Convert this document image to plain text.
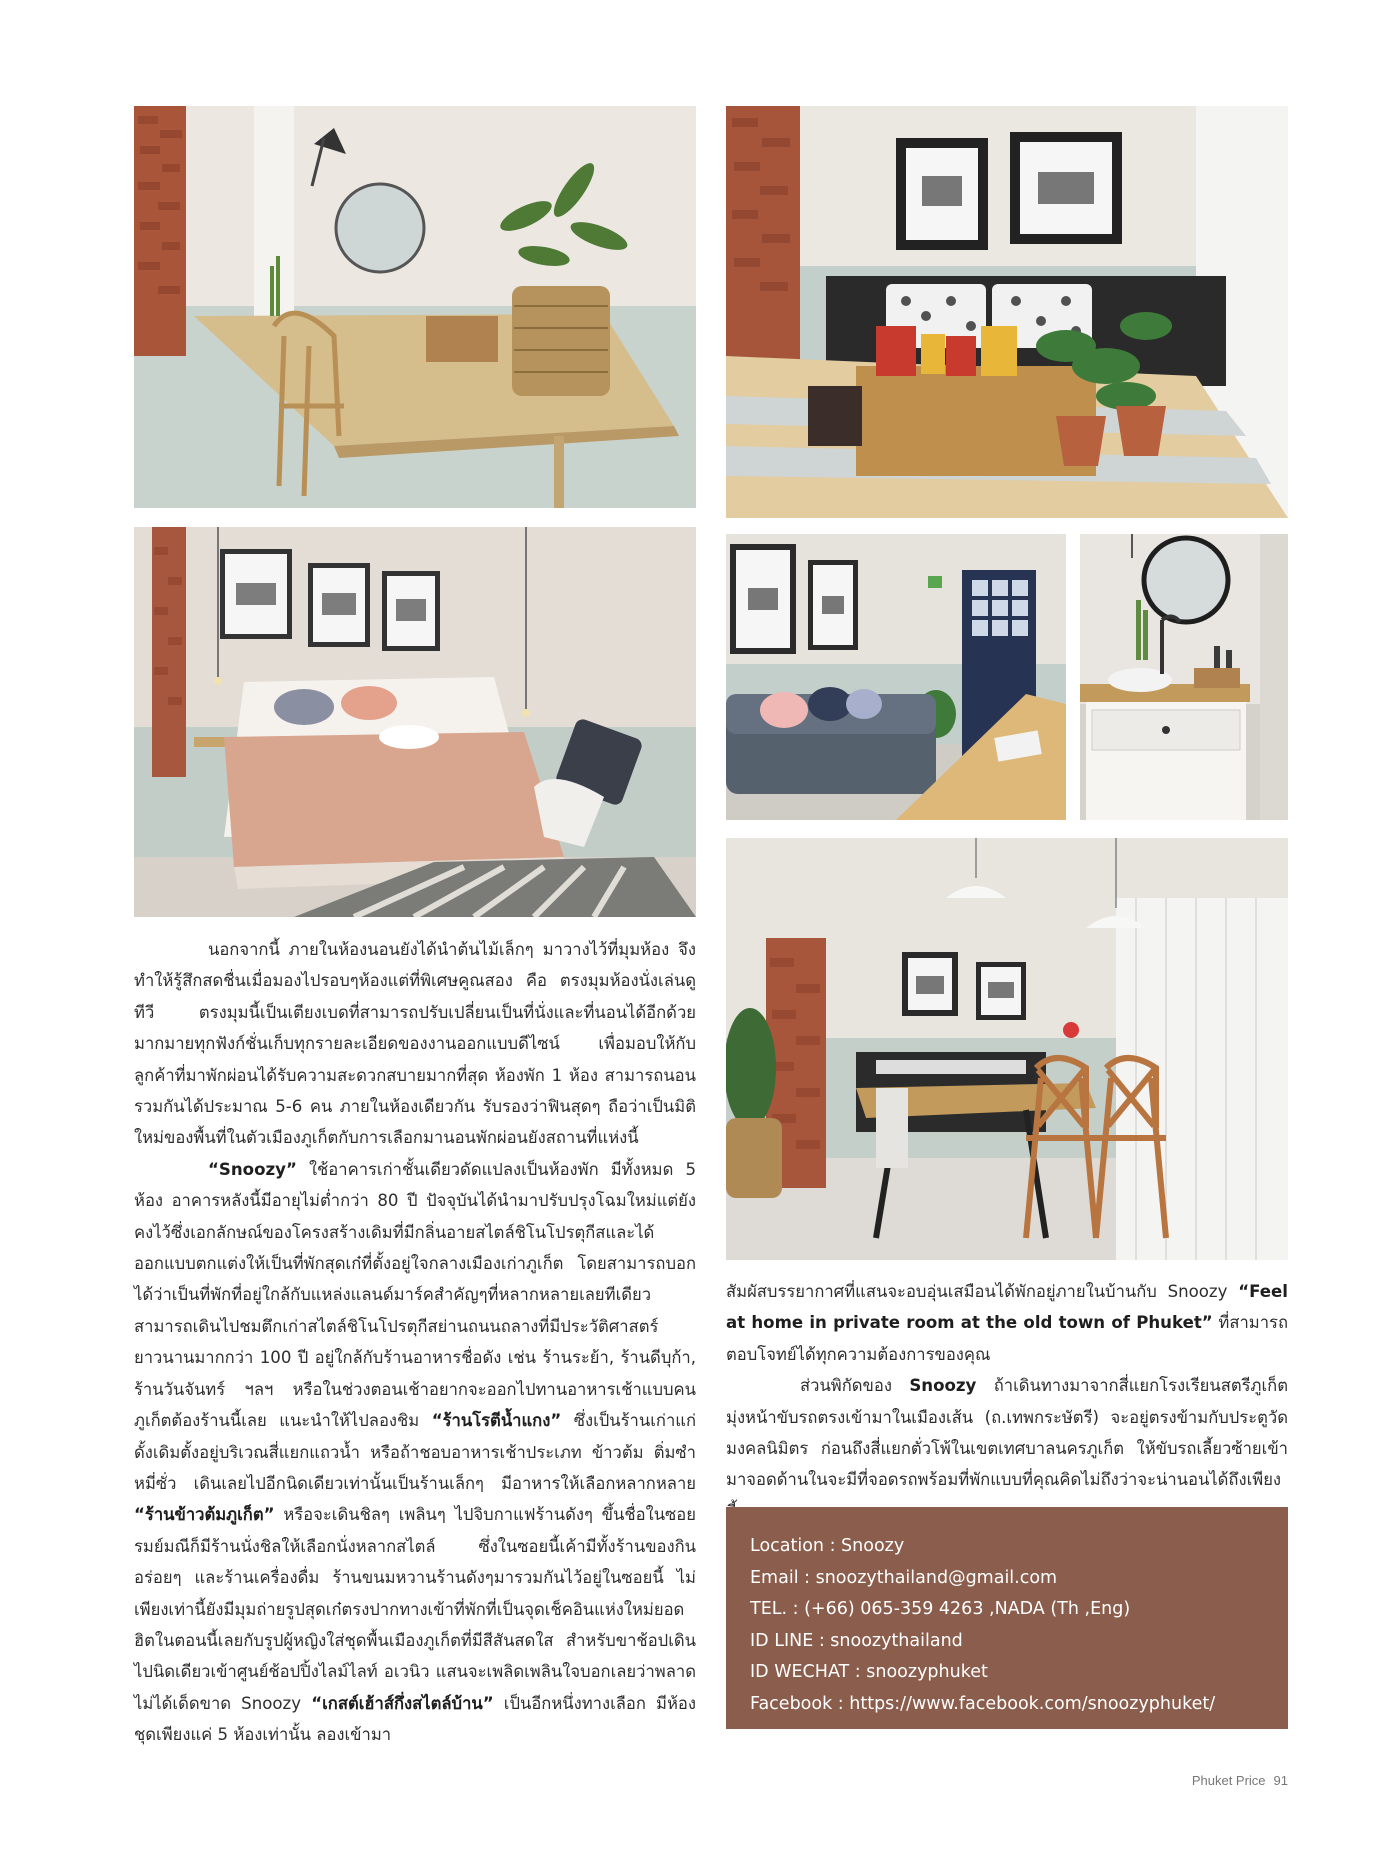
นอกจากนี้ ภายในห้องนอนยังได้นำต้นไม้เล็กๆ มาวางไว้ที่มุมห้อง จึงทำให้รู้สึกสดชื่นเมื่อมองไปรอบๆห้องแต่ที่พิเศษคูณสอง คือ ตรงมุมห้องนั่งเล่นดูทีวี ตรงมุมนี้เป็นเตียงเบดที่สามารถปรับเปลี่ยนเป็นที่นั่งและที่นอนได้อีกด้วย มากมายทุกฟังก์ชั่นเก็บทุกรายละเอียดของงานออกแบบดีไซน์ เพื่อมอบให้กับลูกค้าที่มาพักผ่อนได้รับความสะดวกสบายมากที่สุด ห้องพัก 1 ห้อง สามารถนอนรวมกันได้ประมาณ 5-6 คน ภายในห้องเดียวกัน รับรองว่าฟินสุดๆ ถือว่าเป็นมิติใหม่ของพื้นที่ในตัวเมืองภูเก็ตกับการเลือกมานอนพักผ่อนยังสถานที่แห่งนี้

“Snoozy” ใช้อาคารเก่าชั้นเดียวดัดแปลงเป็นห้องพัก มีทั้งหมด 5 ห้อง อาคารหลังนี้มีอายุไม่ต่ำกว่า 80 ปี ปัจจุบันได้นำมาปรับปรุงโฉมใหม่แต่ยังคงไว้ซึ่งเอกลักษณ์ของโครงสร้างเดิมที่มีกลิ่นอายสไตล์ชิโนโปรตุกีสและได้ออกแบบตกแต่งให้เป็นที่พักสุดเก๋ที่ตั้งอยู่ใจกลางเมืองเก่าภูเก็ต โดยสามารถบอกได้ว่าเป็นที่พักที่อยู่ใกล้กับแหล่งแลนด์มาร์คสำคัญๆที่หลากหลายเลยทีเดียวสามารถเดินไปชมตึกเก่าสไตล์ชิโนโปรตุกีสย่านถนนถลางที่มีประวัติศาสตร์ยาวนานมากกว่า 100 ปี อยู่ใกล้กับร้านอาหารชื่อดัง เช่น ร้านระย้า, ร้านดีบุก้า, ร้านวันจันทร์ ฯลฯ หรือในช่วงตอนเช้าอยากจะออกไปทานอาหารเช้าแบบคนภูเก็ตต้องร้านนี้เลย แนะนำให้ไปลองชิม “ร้านโรตีน้ำแกง” ซึ่งเป็นร้านเก่าแก่ดั้งเดิมตั้งอยู่บริเวณสี่แยกแถวน้ำ หรือถ้าชอบอาหารเช้าประเภท ข้าวต้ม ติ่มซำ หมี่ซั่ว เดินเลยไปอีกนิดเดียวเท่านั้นเป็นร้านเล็กๆ มีอาหารให้เลือกหลากหลาย “ร้านข้าวต้มภูเก็ต” หรือจะเดินชิลๆ เพลินๆ ไปจิบกาแฟร้านดังๆ ขึ้นชื่อในซอยรมย์มณีก็มีร้านนั่งชิลให้เลือกนั่งหลากสไตล์ ซึ่งในซอยนี้เค้ามีทั้งร้านของกินอร่อยๆ และร้านเครื่องดื่ม ร้านขนมหวานร้านดังๆมารวมกันไว้อยู่ในซอยนี้ ไม่เพียงเท่านี้ยังมีมุมถ่ายรูปสุดเก๋ตรงปากทางเข้าที่พักที่เป็นจุดเช็คอินแห่งใหม่ยอดฮิตในตอนนี้เลยกับรูปผู้หญิงใส่ชุดพื้นเมืองภูเก็ตที่มีสีสันสดใส สำหรับขาช้อปเดินไปนิดเดียวเข้าศูนย์ช้อปปิ้งไลม์ไลท์ อเวนิว แสนจะเพลิดเพลินใจบอกเลยว่าพลาดไม่ได้เด็ดขาด Snoozy “เกสต์เฮ้าส์กึ่งสไตล์บ้าน” เป็นอีกหนึ่งทางเลือก มีห้องชุดเพียงแค่ 5 ห้องเท่านั้น ลองเข้ามา

สัมผัสบรรยากาศที่แสนจะอบอุ่นเสมือนได้พักอยู่ภายในบ้านกับ Snoozy “Feel at home in private room at the old town of Phuket” ที่สามารถตอบโจทย์ได้ทุกความต้องการของคุณ

ส่วนพิกัดของ Snoozy ถ้าเดินทางมาจากสี่แยกโรงเรียนสตรีภูเก็ต มุ่งหน้าขับรถตรงเข้ามาในเมืองเส้น (ถ.เทพกระษัตรี) จะอยู่ตรงข้ามกับประตูวัดมงคลนิมิตร ก่อนถึงสี่แยกตั่วโพ้ในเขตเทศบาลนครภูเก็ต ให้ขับรถเลี้ยวซ้ายเข้ามาจอดด้านในจะมีที่จอดรถพร้อมที่พักแบบที่คุณคิดไม่ถึงว่าจะน่านอนได้ถึงเพียง

Location : Snoozy
Email : snoozythailand@gmail.com
TEL. : (+66) 065-359 4263 ,NADA (Th ,Eng)
ID LINE : snoozythailand
ID WECHAT : snoozyphuket
Facebook : https://www.facebook.com/snoozyphuket/
Phuket Price 91
